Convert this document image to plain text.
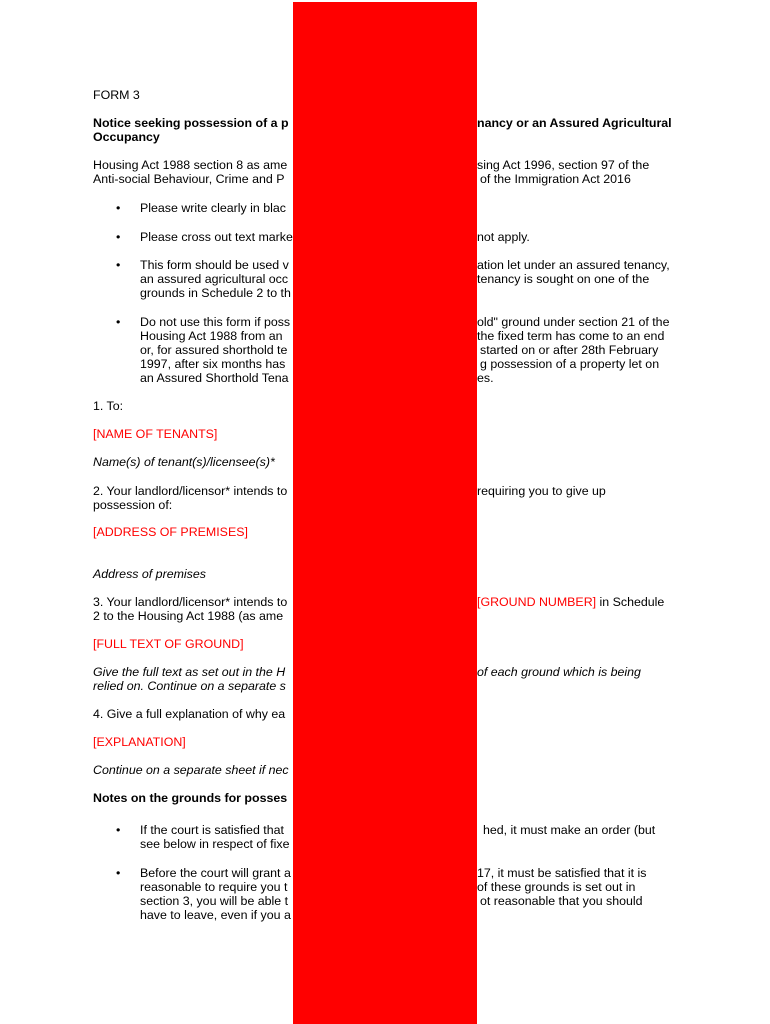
FORM 3
Notice seeking possession of a p	nancy or an Assured Agricultural
Occupancy
Housing Act 1988 section 8 as ame	sing Act 1996, section 97 of the
Anti-social Behaviour, Crime and P	of the Immigration Act 2016
• Please write clearly in blac
• Please cross out text marke	not apply.
• This form should be used v	ation let under an assured tenancy,
an assured agricultural occ	tenancy is sought on one of the
grounds in Schedule 2 to th
• Do not use this form if poss	old" ground under section 21 of the
Housing Act 1988 from an	the fixed term has come to an end
or, for assured shorthold te	started on or after 28th February
1997, after six months has	g possession of a property let on
an Assured Shorthold Tena	es.
1. To:
[NAME OF TENANTS]
Name(s) of tenant(s)/licensee(s)*
2. Your landlord/licensor* intends to	requiring you to give up
possession of:
[ADDRESS OF PREMISES]
Address of premises
3. Your landlord/licensor* intends to	[GROUND NUMBER] in Schedule
2 to the Housing Act 1988 (as ame
[FULL TEXT OF GROUND]
Give the full text as set out in the H	of each ground which is being
relied on. Continue on a separate s
4. Give a full explanation of why ea
[EXPLANATION]
Continue on a separate sheet if nec
Notes on the grounds for posses
• If the court is satisfied that	hed, it must make an order (but
see below in respect of fixe
• Before the court will grant a	17, it must be satisfied that it is
reasonable to require you t	of these grounds is set out in
section 3, you will be able t	ot reasonable that you should
have to leave, even if you a
